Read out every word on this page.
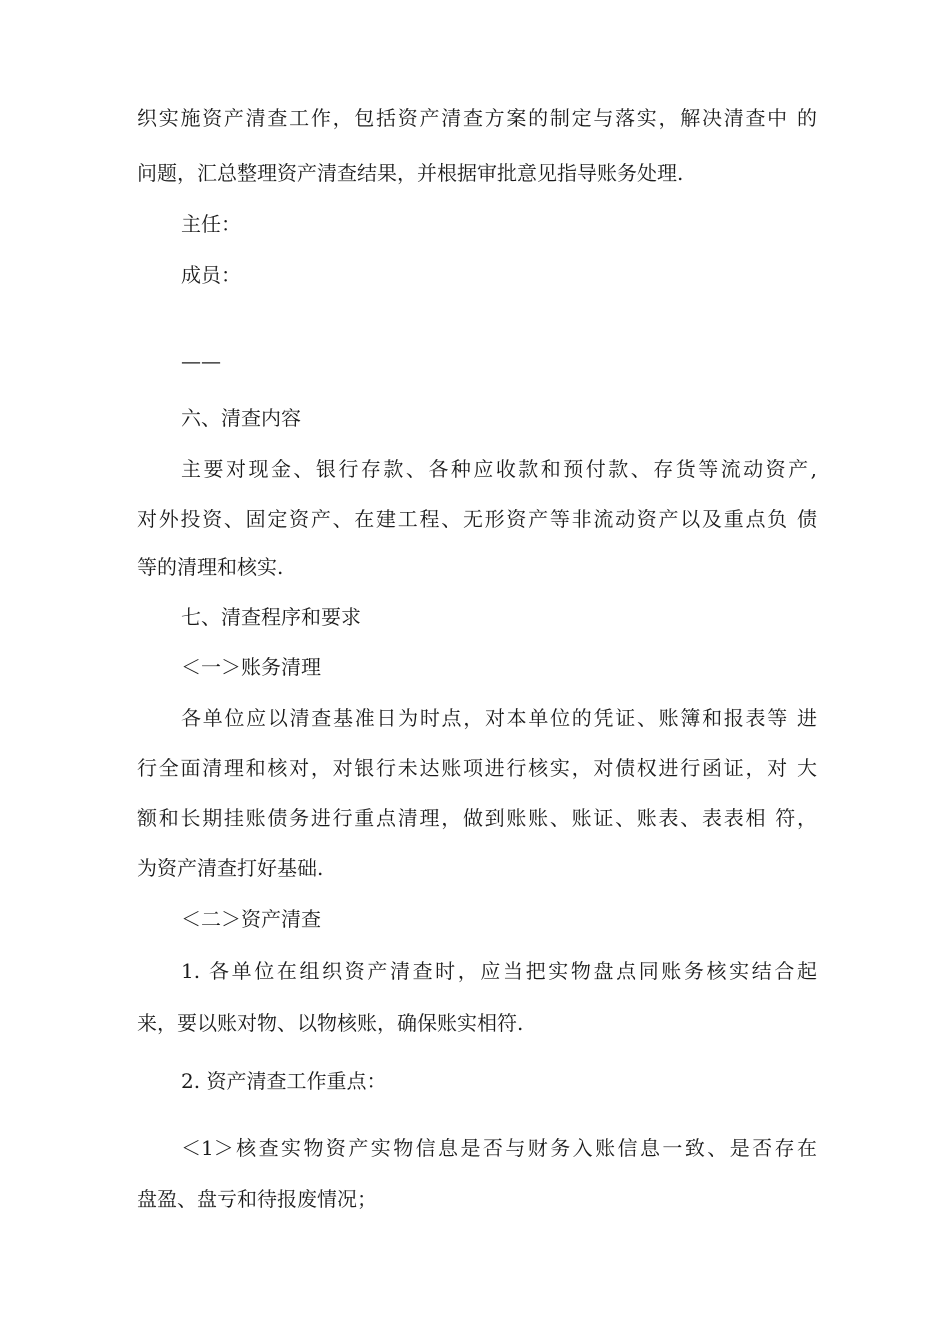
织实施资产清查工作，包括资产清查方案的制定与落实，解决清查中 的
问题，汇总整理资产清查结果，并根据审批意见指导账务处理.
主任：
成员：
——
六、清查内容
主要对现金、银行存款、各种应收款和预付款、存货等流动资产,
对外投资、固定资产、在建工程、无形资产等非流动资产以及重点负 债
等的清理和核实.
七、清查程序和要求
＜一＞账务清理
各单位应以清查基准日为时点，对本单位的凭证、账簿和报表等 进
行全面清理和核对，对银行未达账项进行核实，对债权进行函证，对 大
额和长期挂账债务进行重点清理，做到账账、账证、账表、表表相 符，
为资产清查打好基础.
＜二＞资产清查
1. 各单位在组织资产清查时，应当把实物盘点同账务核实结合起
来，要以账对物、以物核账，确保账实相符.
2. 资产清查工作重点：
＜1＞核查实物资产实物信息是否与财务入账信息一致、是否存在
盘盈、盘亏和待报废情况；
